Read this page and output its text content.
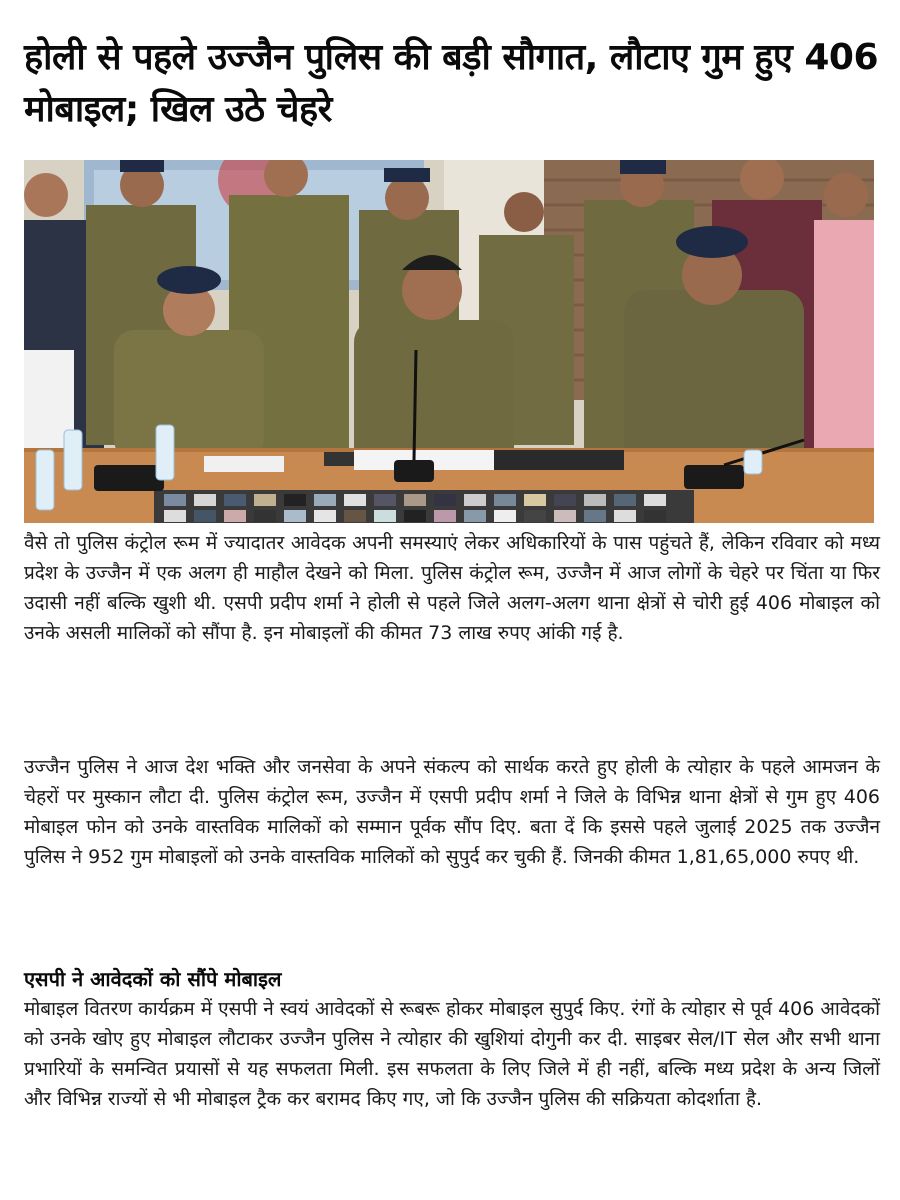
होली से पहले उज्जैन पुलिस की बड़ी सौगात, लौटाए गुम हुए 406 मोबाइल; खिल उठे चेहरे

वैसे तो पुलिस कंट्रोल रूम में ज्यादातर आवेदक अपनी समस्याएं लेकर अधिकारियों के पास पहुंचते हैं, लेकिन रविवार को मध्य प्रदेश के उज्जैन में एक अलग ही माहौल देखने को मिला. पुलिस कंट्रोल रूम, उज्जैन में आज लोगों के चेहरे पर चिंता या फिर उदासी नहीं बल्कि खुशी थी. एसपी प्रदीप शर्मा ने होली से पहले जिले अलग-अलग थाना क्षेत्रों से चोरी हुई 406 मोबाइल को उनके असली मालिकों को सौंपा है. इन मोबाइलों की कीमत 73 लाख रुपए आंकी गई है.

उज्जैन पुलिस ने आज देश भक्ति और जनसेवा के अपने संकल्प को सार्थक करते हुए होली के त्योहार के पहले आमजन के चेहरों पर मुस्कान लौटा दी. पुलिस कंट्रोल रूम, उज्जैन में एसपी प्रदीप शर्मा ने जिले के विभिन्न थाना क्षेत्रों से गुम हुए 406 मोबाइल फोन को उनके वास्तविक मालिकों को सम्मान पूर्वक सौंप दिए. बता दें कि इससे पहले जुलाई 2025 तक उज्जैन पुलिस ने 952 गुम मोबाइलों को उनके वास्तविक मालिकों को सुपुर्द कर चुकी हैं. जिनकी कीमत 1,81,65,000 रुपए थी.

एसपी ने आवेदकों को सौंपे मोबाइल

मोबाइल वितरण कार्यक्रम में एसपी ने स्वयं आवेदकों से रूबरू होकर मोबाइल सुपुर्द किए. रंगों के त्योहार से पूर्व 406 आवेदकों को उनके खोए हुए मोबाइल लौटाकर उज्जैन पुलिस ने त्योहार की खुशियां दोगुनी कर दी. साइबर सेल/IT सेल और सभी थाना प्रभारियों के समन्वित प्रयासों से यह सफलता मिली. इस सफलता के लिए जिले में ही नहीं, बल्कि मध्य प्रदेश के अन्य जिलों और विभिन्न राज्यों से भी मोबाइल ट्रैक कर बरामद किए गए, जो कि उज्जैन पुलिस की सक्रियता कोदर्शाता है.
